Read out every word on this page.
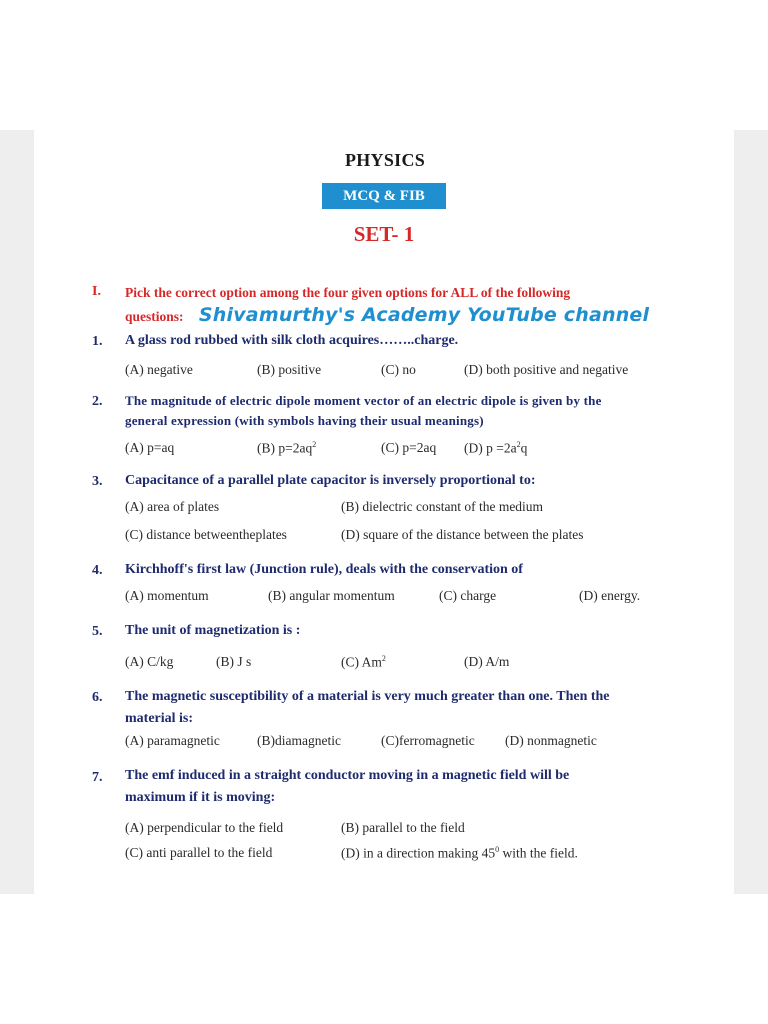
PHYSICS
MCQ & FIB
SET- 1
I. Pick the correct option among the four given options for ALL of the following
questions: Shivamurthy's Academy YouTube channel
1. A glass rod rubbed with silk cloth acquires……..charge.
(A) negative	(B) positive	(C) no	(D) both positive and negative
2. The magnitude of electric dipole moment vector of an electric dipole is given by the
general expression (with symbols having their usual meanings)
(A) p=aq	(B) $p=2aq^2$	(C) p=2aq (D) $p =2a^2q$
3. Capacitance of a parallel plate capacitor is inversely proportional to:
(A) area of plates	(B) dielectric constant of the medium
(C) distance betweentheplates	(D) square of the distance between the plates
4. Kirchhoff's first law (Junction rule), deals with the conservation of
(A) momentum	(B) angular momentum	(C) charge	(D) energy.
5. The unit of magnetization is :
(A) C/kg	(B) J s	(C) Am$^2$	(D) A/m
6. The magnetic susceptibility of a material is very much greater than one. Then the
material is:
(A) paramagnetic	(B)diamagnetic	(C)ferromagnetic (D) nonmagnetic
7. The emf induced in a straight conductor moving in a magnetic field will be
maximum if it is moving:
(A) perpendicular to the field	(B) parallel to the field
(C) anti parallel to the field	(D) in a direction making $45^0$ with the field.
